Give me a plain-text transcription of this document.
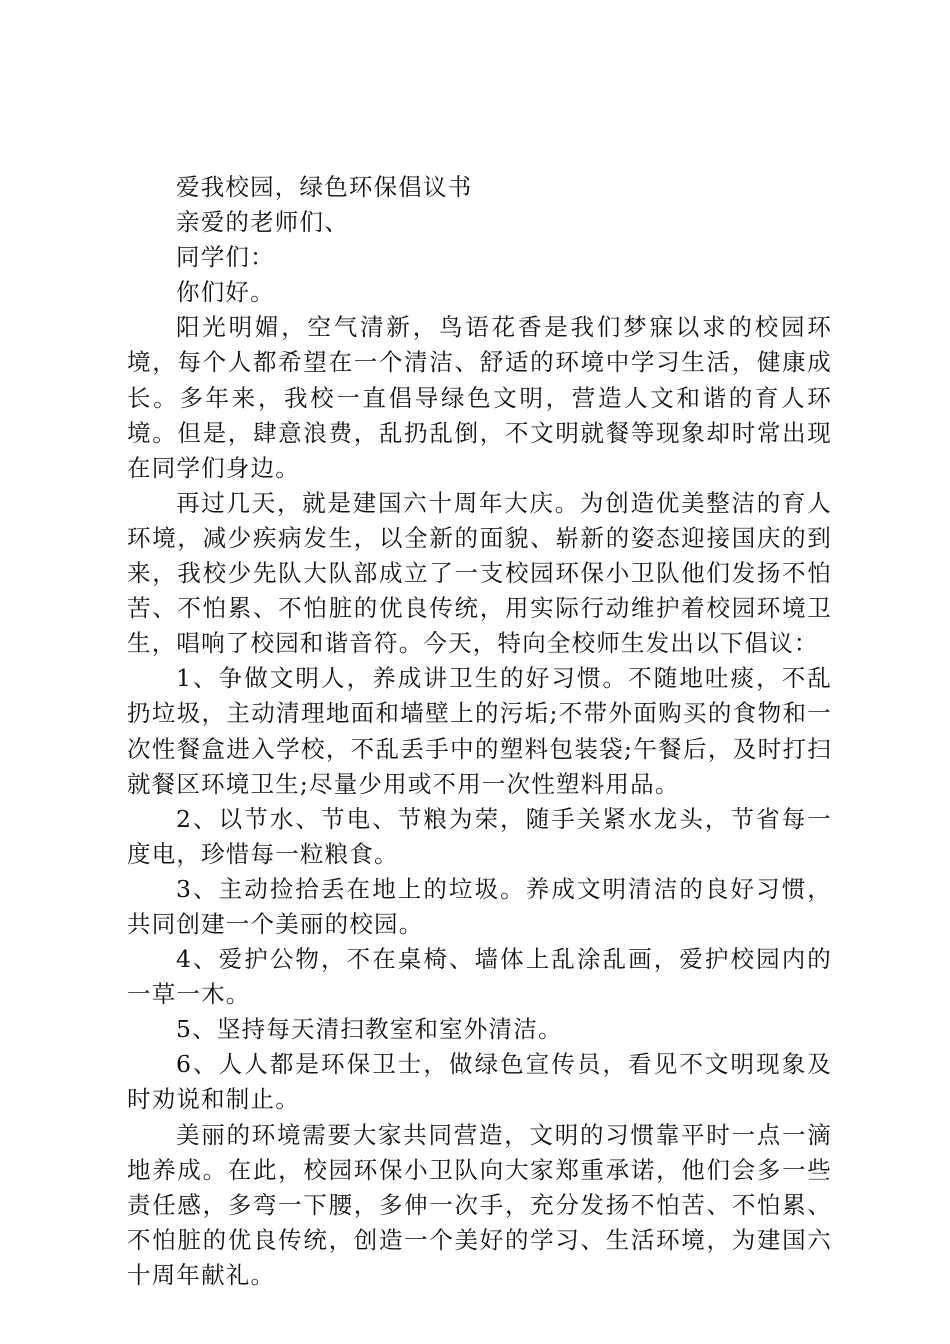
爱我校园，绿色环保倡议书

亲爱的老师们、

同学们：

你们好。

阳光明媚，空气清新，鸟语花香是我们梦寐以求的校园环境，每个人都希望在一个清洁、舒适的环境中学习生活，健康成长。多年来，我校一直倡导绿色文明，营造人文和谐的育人环境。但是，肆意浪费，乱扔乱倒，不文明就餐等现象却时常出现在同学们身边。

再过几天，就是建国六十周年大庆。为创造优美整洁的育人环境，减少疾病发生，以全新的面貌、崭新的姿态迎接国庆的到来，我校少先队大队部成立了一支校园环保小卫队他们发扬不怕苦、不怕累、不怕脏的优良传统，用实际行动维护着校园环境卫生，唱响了校园和谐音符。今天，特向全校师生发出以下倡议：

1、争做文明人，养成讲卫生的好习惯。不随地吐痰，不乱扔垃圾，主动清理地面和墙壁上的污垢;不带外面购买的食物和一次性餐盒进入学校，不乱丢手中的塑料包装袋;午餐后，及时打扫就餐区环境卫生;尽量少用或不用一次性塑料用品。

2、以节水、节电、节粮为荣，随手关紧水龙头，节省每一度电，珍惜每一粒粮食。

3、主动捡拾丢在地上的垃圾。养成文明清洁的良好习惯，共同创建一个美丽的校园。

4、爱护公物，不在桌椅、墙体上乱涂乱画，爱护校园内的一草一木。

5、坚持每天清扫教室和室外清洁。

6、人人都是环保卫士，做绿色宣传员，看见不文明现象及时劝说和制止。

美丽的环境需要大家共同营造，文明的习惯靠平时一点一滴地养成。在此，校园环保小卫队向大家郑重承诺，他们会多一些责任感，多弯一下腰，多伸一次手，充分发扬不怕苦、不怕累、不怕脏的优良传统，创造一个美好的学习、生活环境，为建国六十周年献礼。
